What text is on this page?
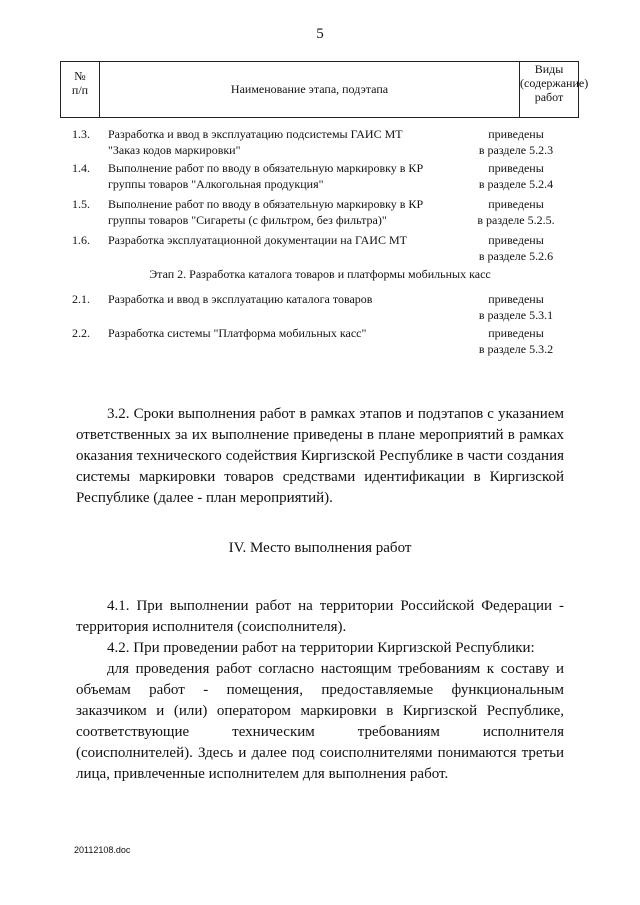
5
№
п/п	Наименование этапа, подэтапа
Виды
(содержание)
работ
1.3.	Разработка и ввод в эксплуатацию подсистемы ГАИС МТ
"Заказ кодов маркировки"
приведены
в разделе 5.2.3
1.4.	Выполнение работ по вводу в обязательную маркировку в КР
группы товаров "Алкогольная продукция"
приведены
в разделе 5.2.4
1.5.	Выполнение работ по вводу в обязательную маркировку в КР
группы товаров "Сигареты (с фильтром, без фильтра)"
приведены
в разделе 5.2.5.
1.6.	Разработка эксплуатационной документации на ГАИС МТ	приведены
в разделе 5.2.6
Этап 2. Разработка каталога товаров и платформы мобильных касс
2.1.	Разработка и ввод в эксплуатацию каталога товаров	приведены
в разделе 5.3.1
2.2.	Разработка системы "Платформа мобильных касс"	приведены
в разделе 5.3.2
3.2. Сроки выполнения работ в рамках этапов и подэтапов с указанием ответственных за их выполнение приведены в плане мероприятий в рамках оказания технического содействия Киргизской Республике в части создания системы маркировки товаров средствами идентификации в Киргизской Республике (далее - план мероприятий).
IV. Место выполнения работ
4.1. При выполнении работ на территории Российской Федерации - территория исполнителя (соисполнителя).
4.2. При проведении работ на территории Киргизской Республики:
для проведения работ согласно настоящим требованиям к составу и объемам работ - помещения, предоставляемые функциональным заказчиком и (или) оператором маркировки в Киргизской Республике, соответствующие техническим требованиям исполнителя (соисполнителей). Здесь и далее под соисполнителями понимаются третьи лица, привлеченные исполнителем для выполнения работ.
20112108.doc
